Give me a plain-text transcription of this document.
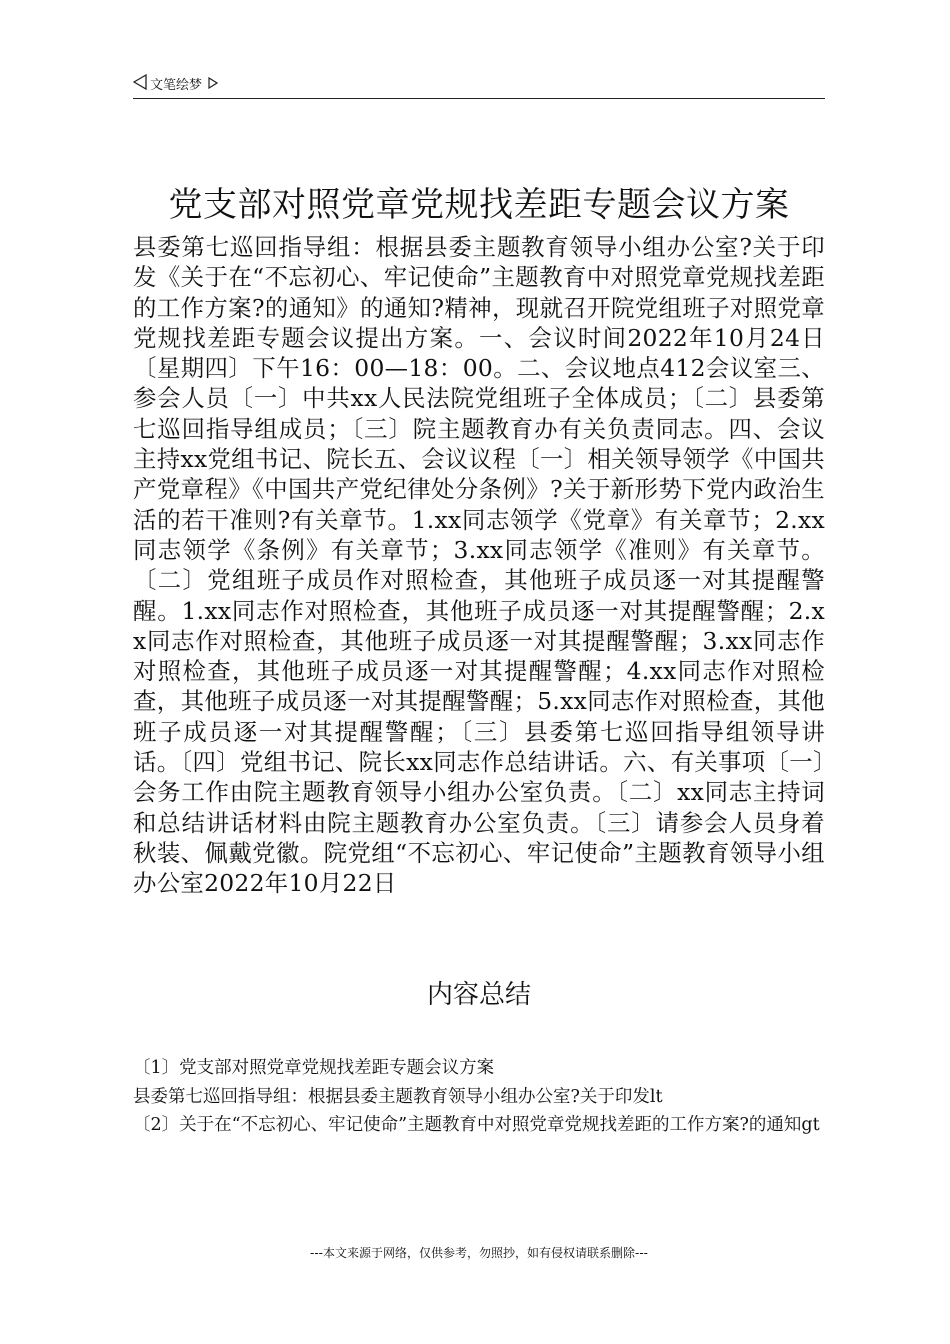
文笔绘梦
党支部对照党章党规找差距专题会议方案
县委第七巡回指导组：根据县委主题教育领导小组办公室?关于印发《关于在“不忘初心、牢记使命”主题教育中对照党章党规找差距的工作方案?的通知》的通知?精神，现就召开院党组班子对照党章党规找差距专题会议提出方案。一、会议时间2022年10月24日〔星期四〕下午16：00—18：00。二、会议地点412会议室三、参会人员〔一〕中共xx人民法院党组班子全体成员；〔二〕县委第七巡回指导组成员；〔三〕院主题教育办有关负责同志。四、会议主持xx党组书记、院长五、会议议程〔一〕相关领导领学《中国共产党章程》《中国共产党纪律处分条例》?关于新形势下党内政治生活的若干准则?有关章节。1.xx同志领学《党章》有关章节；2.xx同志领学《条例》有关章节；3.xx同志领学《准则》有关章节。〔二〕党组班子成员作对照检查，其他班子成员逐一对其提醒警醒。1.xx同志作对照检查，其他班子成员逐一对其提醒警醒；2.xx同志作对照检查，其他班子成员逐一对其提醒警醒；3.xx同志作对照检查，其他班子成员逐一对其提醒警醒；4.xx同志作对照检查，其他班子成员逐一对其提醒警醒；5.xx同志作对照检查，其他班子成员逐一对其提醒警醒；〔三〕县委第七巡回指导组领导讲话。〔四〕党组书记、院长xx同志作总结讲话。六、有关事项〔一〕会务工作由院主题教育领导小组办公室负责。〔二〕xx同志主持词和总结讲话材料由院主题教育办公室负责。〔三〕请参会人员身着秋装、佩戴党徽。院党组“不忘初心、牢记使命”主题教育领导小组办公室2022年10月22日
内容总结
〔1〕党支部对照党章党规找差距专题会议方案
县委第七巡回指导组：根据县委主题教育领导小组办公室?关于印发lt
〔2〕关于在“不忘初心、牢记使命”主题教育中对照党章党规找差距的工作方案?的通知gt
---本文来源于网络，仅供参考，勿照抄，如有侵权请联系删除---
